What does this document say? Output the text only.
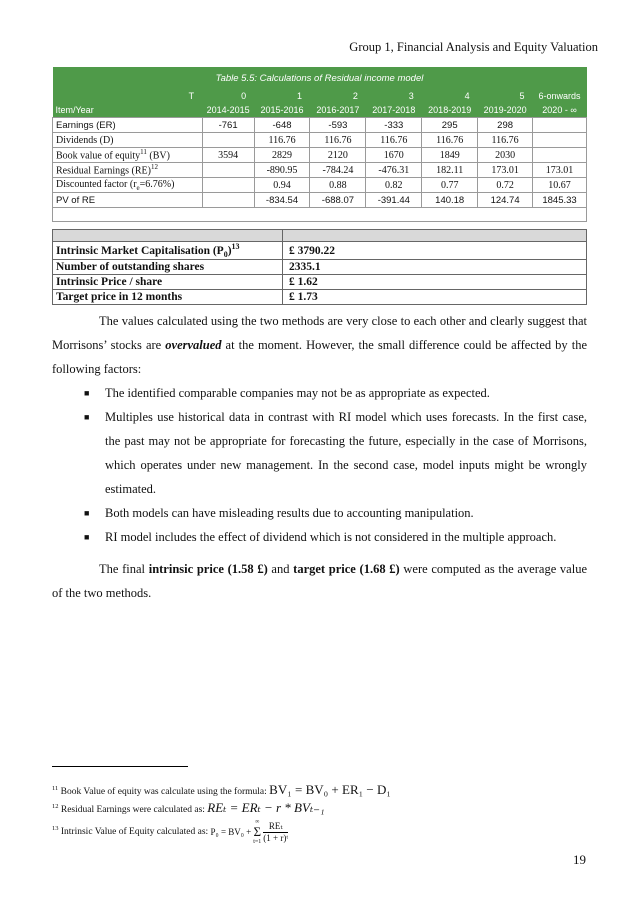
Group 1, Financial Analysis and Equity Valuation
Table 5.5: Calculations of Residual income model							
T	0	1	2	3	4	5	6-onwards
Item/Year	2014-2015	2015-2016	2016-2017	2017-2018	2018-2019	2019-2020	2020 - ∞
Earnings (ER)	-761	-648	-593	-333	295	298	
Dividends (D)		116.76	116.76	116.76	116.76	116.76	
Book value of equity$^{11}$ (BV)	3594	2829	2120	1670	1849	2030	
Residual Earnings (RE)$^{12}$		-890.95	-784.24	-476.31	182.11	173.01	173.01
Discounted factor $(r_e=6.76\%)$		0.94	0.88	0.82	0.77	0.72	10.67
PV of RE		-834.54	-688.07	-391.44	140.18	124.74	1845.33

Intrinsic Market Capitalisation $(P_0)^{13}$	£ 3790.22
Number of outstanding shares	2335.1
Intrinsic Price / share	£ 1.62
Target price in 12 months	£ 1.73

The values calculated using the two methods are very close to each other and clearly suggest that Morrisons’ stocks are overvalued at the moment. However, the small difference could be affected by the following factors:

■ The identified comparable companies may not be as appropriate as expected.
■ Multiples use historical data in contrast with RI model which uses forecasts. In the first case, the past may not be appropriate for forecasting the future, especially in the case of Morrisons, which operates under new management. In the second case, model inputs might be wrongly estimated.
■ Both models can have misleading results due to accounting manipulation.
■ RI model includes the effect of dividend which is not considered in the multiple approach.

The final intrinsic price (1.58 £) and target price (1.68 £) were computed as the average value of the two methods.

$^{11}$ Book Value of equity was calculate using the formula: BV₁ = BV₀ + ER₁ − D₁
$^{12}$ Residual Earnings were calculated as: REₜ = ERₜ − r * BVₜ₋₁
$^{13}$ Intrinsic Value of Equity calculated as: P₀ = BV₀ +
∞
Σ
t=1
REₜ
(1 + r)ᵗ
19
